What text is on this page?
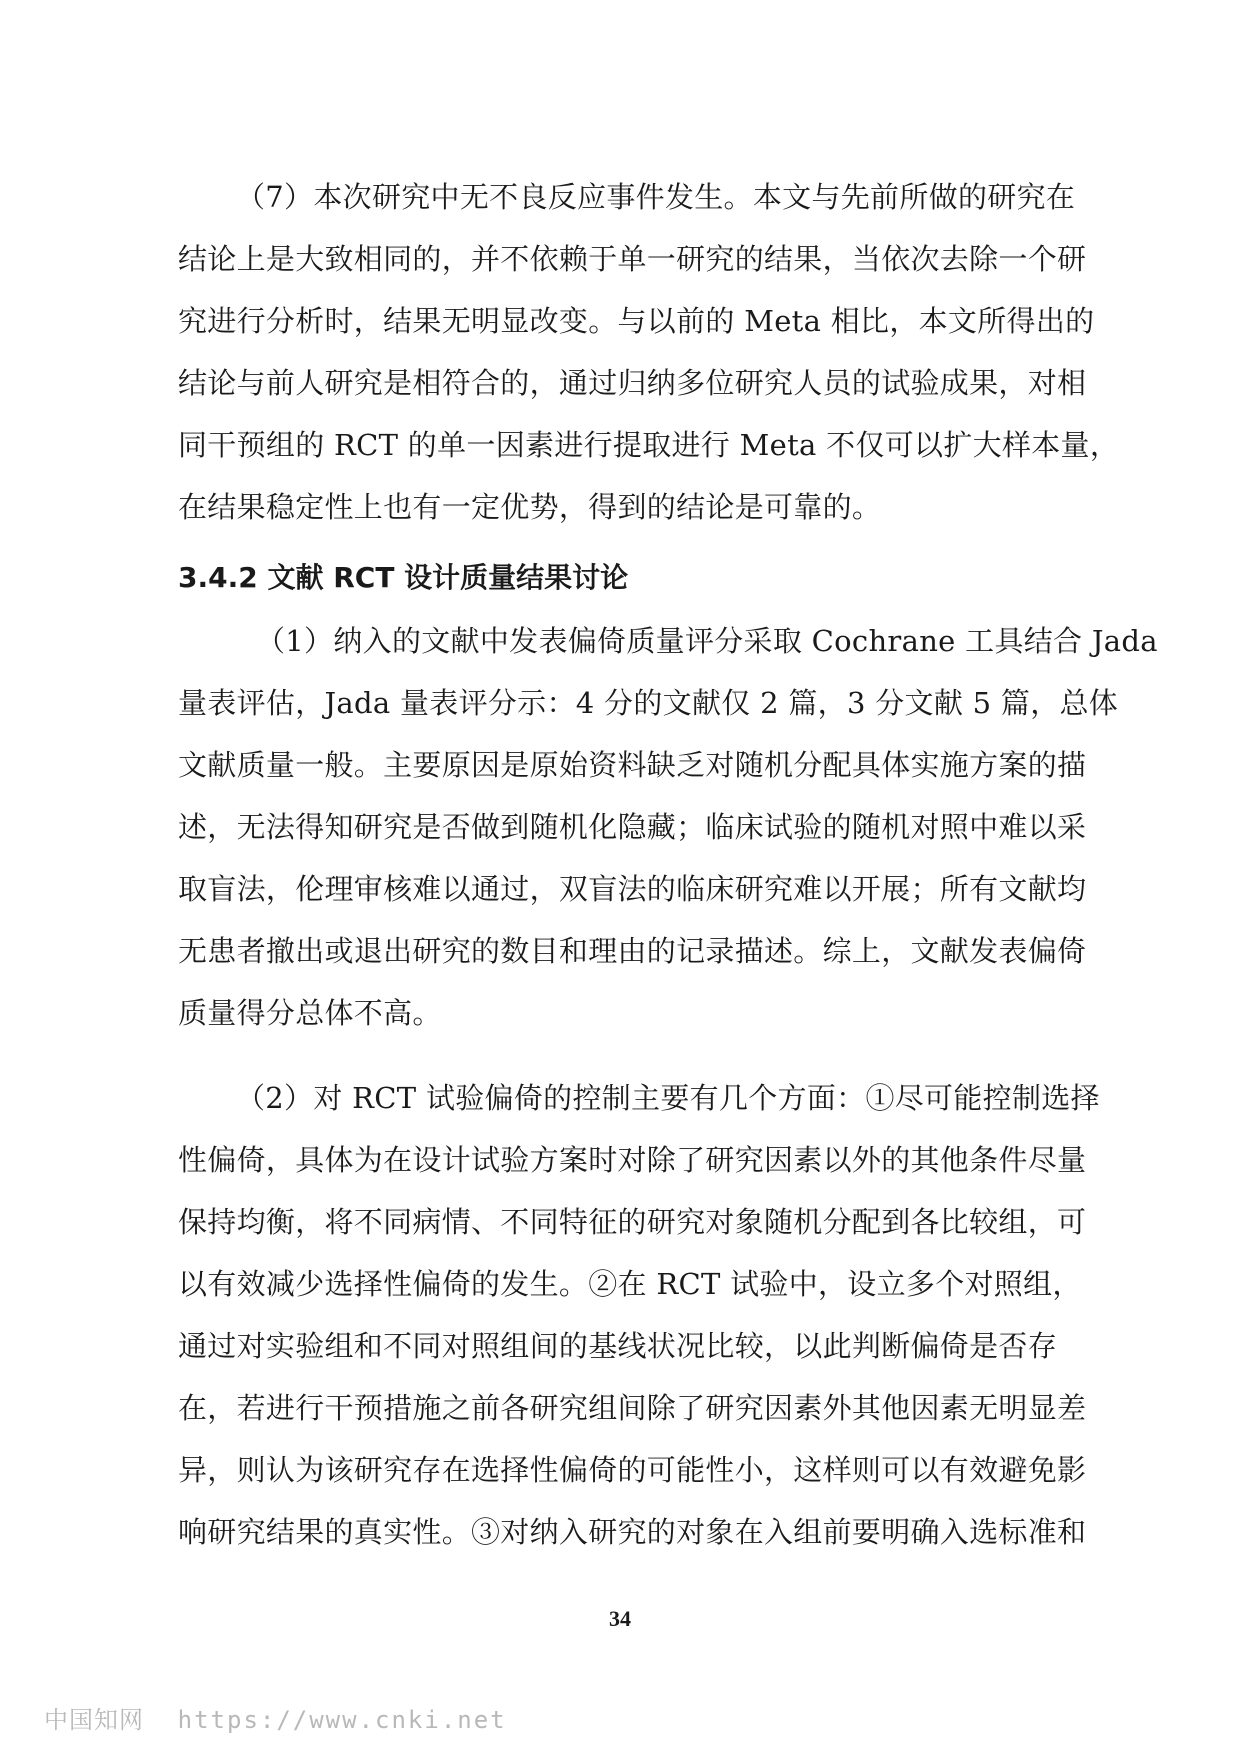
（7）本次研究中无不良反应事件发生。本文与先前所做的研究在
结论上是大致相同的，并不依赖于单一研究的结果，当依次去除一个研
究进行分析时，结果无明显改变。与以前的 Meta 相比，本文所得出的
结论与前人研究是相符合的，通过归纳多位研究人员的试验成果，对相
同干预组的 RCT 的单一因素进行提取进行 Meta 不仅可以扩大样本量，
在结果稳定性上也有一定优势，得到的结论是可靠的。
3.4.2 文献 RCT 设计质量结果讨论
（1）纳入的文献中发表偏倚质量评分采取 Cochrane 工具结合 Jada
量表评估，Jada 量表评分示：4 分的文献仅 2 篇，3 分文献 5 篇，总体
文献质量一般。主要原因是原始资料缺乏对随机分配具体实施方案的描
述，无法得知研究是否做到随机化隐藏；临床试验的随机对照中难以采
取盲法，伦理审核难以通过，双盲法的临床研究难以开展；所有文献均
无患者撤出或退出研究的数目和理由的记录描述。综上，文献发表偏倚
质量得分总体不高。
（2）对 RCT 试验偏倚的控制主要有几个方面：①尽可能控制选择
性偏倚，具体为在设计试验方案时对除了研究因素以外的其他条件尽量
保持均衡，将不同病情、不同特征的研究对象随机分配到各比较组，可
以有效减少选择性偏倚的发生。②在 RCT 试验中，设立多个对照组，
通过对实验组和不同对照组间的基线状况比较，以此判断偏倚是否存
在，若进行干预措施之前各研究组间除了研究因素外其他因素无明显差
异，则认为该研究存在选择性偏倚的可能性小，这样则可以有效避免影
响研究结果的真实性。③对纳入研究的对象在入组前要明确入选标准和
34
中国知网 https://www.cnki.net
